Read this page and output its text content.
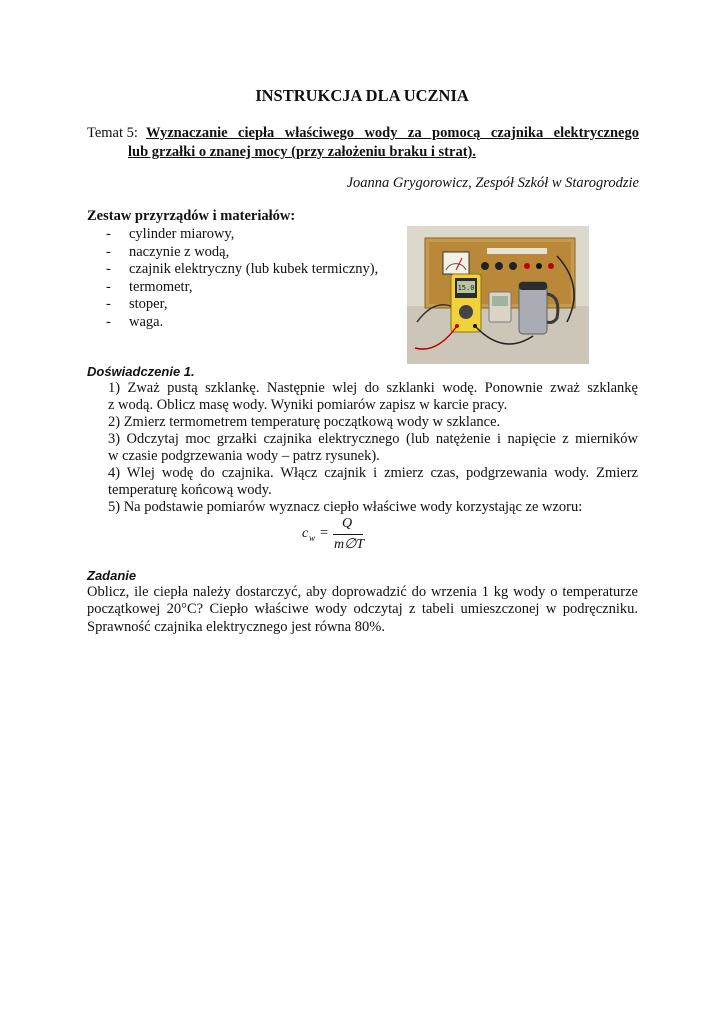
INSTRUKCJA DLA UCZNIA
Temat 5: Wyznaczanie ciepła właściwego wody za pomocą czajnika elektrycznego
lub grzałki o znanej mocy (przy założeniu braku i strat).
Joanna Grygorowicz, Zespół Szkół w Starogrodzie
Zestaw przyrządów i materiałów:
- cylinder miarowy,
- naczynie z wodą,
- czajnik elektryczny (lub kubek termiczny),
- termometr,
- stoper,
- waga.
15.0
Doświadczenie 1.
1) Zważ pustą szklankę. Następnie wlej do szklanki wodę. Ponownie zważ szklankę
z wodą. Oblicz masę wody. Wyniki pomiarów zapisz w karcie pracy.
2) Zmierz termometrem temperaturę początkową wody w szklance.
3) Odczytaj moc grzałki czajnika elektrycznego (lub natężenie i napięcie z mierników
w czasie podgrzewania wody – patrz rysunek).
4) Wlej wodę do czajnika. Włącz czajnik i zmierz czas, podgrzewania wody. Zmierz
temperaturę końcową wody.
5) Na podstawie pomiarów wyznacz ciepło właściwe wody korzystając ze wzoru:
c w =
Q
m∅T
Zadanie
Oblicz, ile ciepła należy dostarczyć, aby doprowadzić do wrzenia 1 kg wody o temperaturze
początkowej 20°C? Ciepło właściwe wody odczytaj z tabeli umieszczonej w podręczniku.
Sprawność czajnika elektrycznego jest równa 80%.
